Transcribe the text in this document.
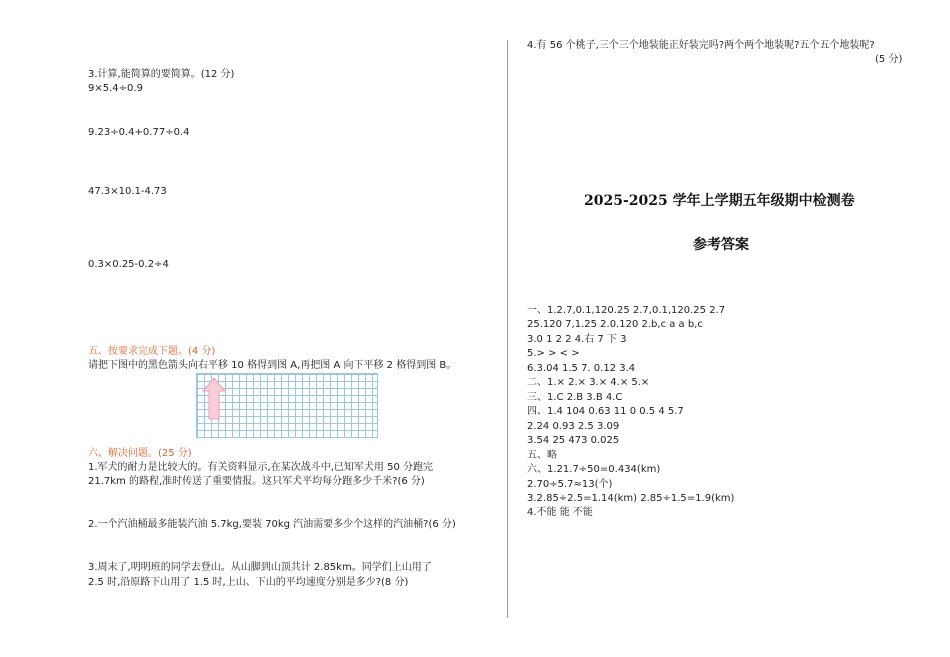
3.计算,能简算的要简算。(12 分)
9×5.4÷0.9
9.23÷0.4+0.77÷0.4
47.3×10.1-4.73
0.3×0.25-0.2÷4
五、按要求完成下题。(4 分)
请把下图中的黑色箭头向右平移 10 格得到图 A,再把图 A 向下平移 2 格得到图 B。
六、解决问题。(25 分)
1.军犬的耐力是比较大的。有关资料显示,在某次战斗中,已知军犬用 50 分跑完
21.7km 的路程,准时传送了重要情报。这只军犬平均每分跑多少千米?(6 分)
2.一个汽油桶最多能装汽油 5.7kg,要装 70kg 汽油需要多少个这样的汽油桶?(6 分)
3.周末了,明明班的同学去登山。从山脚到山顶共计 2.85km。同学们上山用了
2.5 时,沿原路下山用了 1.5 时,上山、下山的平均速度分别是多少?(8 分)
4.有 56 个桃子,三个三个地装能正好装完吗?两个两个地装呢?五个五个地装呢?
(5 分)
2025-2025 学年上学期五年级期中检测卷
参考答案
一、1.2.7,0.1,120.25 2.7,0.1,120.25 2.7
25.120 7,1.25 2.0.120 2.b,c a a b,c
3.0 1 2 2 4.右 7 下 3
5.> > < >
6.3.04 1.5 7. 0.12 3.4
二、1.× 2.× 3.× 4.× 5.×
三、1.C 2.B 3.B 4.C
四、1.4 104 0.63 11 0 0.5 4 5.7
2.24 0.93 2.5 3.09
3.54 25 473 0.025
五、略
六、1.21.7÷50=0.434(km)
2.70÷5.7≈13(个)
3.2.85÷2.5=1.14(km) 2.85÷1.5=1.9(km)
4.不能 能 不能
